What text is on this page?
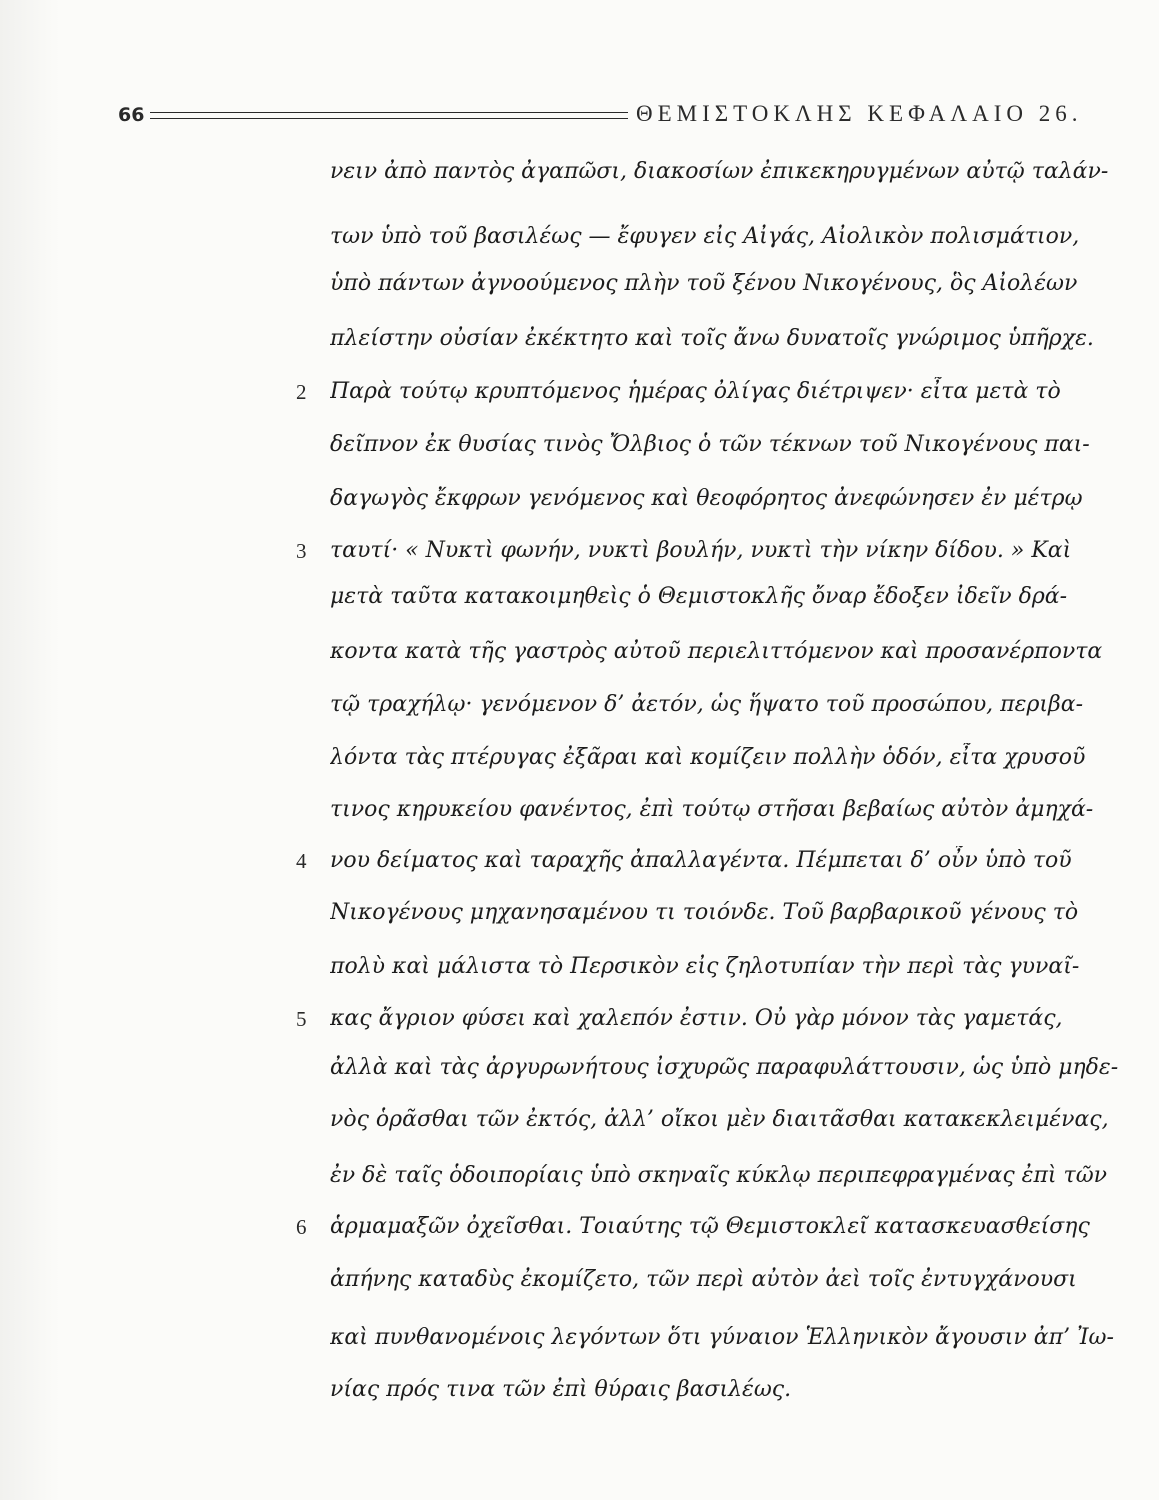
66	ΘΕΜΙΣΤΟΚΛΗΣ ΚΕΦΑΛΑΙΟ 26.
νειν ἀπὸ παντὸς ἀγαπῶσι, διακοσίων ἐπικεκηρυγμένων αὐτῷ ταλάν-
των ὑπὸ τοῦ βασιλέως — ἔφυγεν εἰς Αἰγάς, Αἰολικὸν πολισμάτιον,
ὑπὸ πάντων ἀγνοούμενος πλὴν τοῦ ξένου Νικογένους, ὃς Αἰολέων
πλείστην οὐσίαν ἐκέκτητο καὶ τοῖς ἄνω δυνατοῖς γνώριμος ὑπῆρχε.
Παρὰ τούτῳ κρυπτόμενος ἡμέρας ὀλίγας διέτριψεν· εἶτα μετὰ τὸ
δεῖπνον ἐκ θυσίας τινὸς Ὄλβιος ὁ τῶν τέκνων τοῦ Νικογένους παι-
δαγωγὸς ἔκφρων γενόμενος καὶ θεοφόρητος ἀνεφώνησεν ἐν μέτρῳ
ταυτί· « Νυκτὶ φωνήν, νυκτὶ βουλήν, νυκτὶ τὴν νίκην δίδου. » Καὶ
μετὰ ταῦτα κατακοιμηθεὶς ὁ Θεμιστοκλῆς ὄναρ ἔδοξεν ἰδεῖν δρά-
κοντα κατὰ τῆς γαστρὸς αὐτοῦ περιελιττόμενον καὶ προσανέρποντα
τῷ τραχήλῳ· γενόμενον δ’ ἀετόν, ὡς ἥψατο τοῦ προσώπου, περιβα-
λόντα τὰς πτέρυγας ἐξᾶραι καὶ κομίζειν πολλὴν ὁδόν, εἶτα χρυσοῦ
τινος κηρυκείου φανέντος, ἐπὶ τούτῳ στῆσαι βεβαίως αὐτὸν ἀμηχά-
νου δείματος καὶ ταραχῆς ἀπαλλαγέντα. Πέμπεται δ’ οὖν ὑπὸ τοῦ
Νικογένους μηχανησαμένου τι τοιόνδε. Τοῦ βαρβαρικοῦ γένους τὸ
πολὺ καὶ μάλιστα τὸ Περσικὸν εἰς ζηλοτυπίαν τὴν περὶ τὰς γυναῖ-
κας ἄγριον φύσει καὶ χαλεπόν ἐστιν. Οὐ γὰρ μόνον τὰς γαμετάς,
ἀλλὰ καὶ τὰς ἀργυρωνήτους ἰσχυρῶς παραφυλάττουσιν, ὡς ὑπὸ μηδε-
νὸς ὁρᾶσθαι τῶν ἐκτός, ἀλλ’ οἴκοι μὲν διαιτᾶσθαι κατακεκλειμένας,
ἐν δὲ ταῖς ὁδοιπορίαις ὑπὸ σκηναῖς κύκλῳ περιπεφραγμένας ἐπὶ τῶν
ἁρμαμαξῶν ὀχεῖσθαι. Τοιαύτης τῷ Θεμιστοκλεῖ κατασκευασθείσης
ἀπήνης καταδὺς ἐκομίζετο, τῶν περὶ αὐτὸν ἀεὶ τοῖς ἐντυγχάνουσι
καὶ πυνθανομένοις λεγόντων ὅτι γύναιον Ἑλληνικὸν ἄγουσιν ἀπ’ Ἰω-
νίας πρός τινα τῶν ἐπὶ θύραις βασιλέως.
2
3
4
5
6
